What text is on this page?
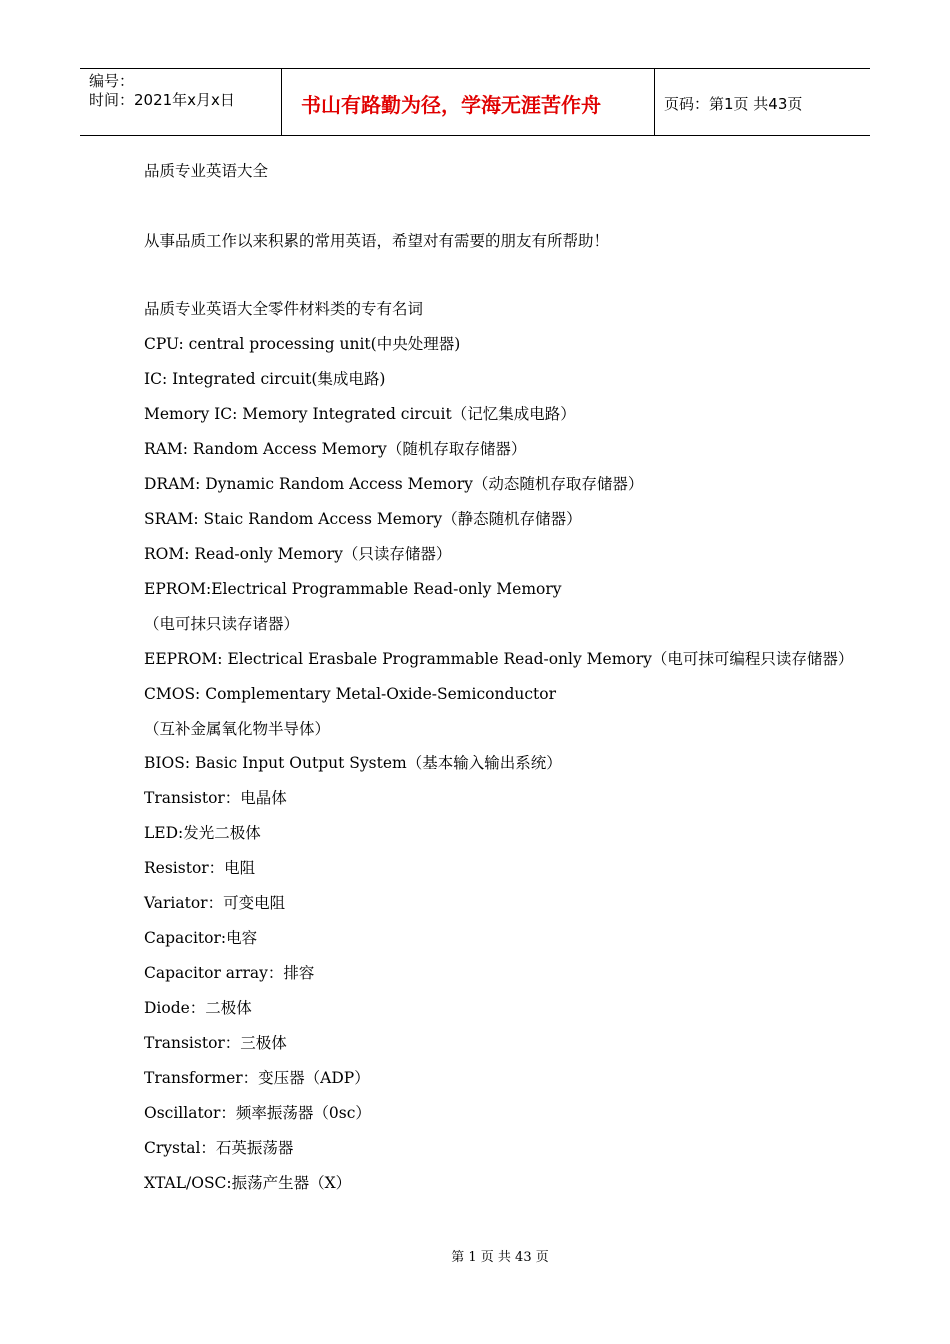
编号：
时间：2021年x月x日	书山有路勤为径，学海无涯苦作舟	页码：第1页 共43页
品质专业英语大全
从事品质工作以来积累的常用英语，希望对有需要的朋友有所帮助！
品质专业英语大全零件材料类的专有名词
CPU: central processing unit(中央处理器)
IC: Integrated circuit(集成电路)
Memory IC: Memory Integrated circuit（记忆集成电路）
RAM: Random Access Memory（随机存取存储器）
DRAM: Dynamic Random Access Memory（动态随机存取存储器）
SRAM: Staic Random Access Memory（静态随机存储器）
ROM: Read-only Memory（只读存储器）
EPROM:Electrical Programmable Read-only Memory
（电可抹只读存诸器）
EEPROM: Electrical Erasbale Programmable Read-only Memory（电可抹可编程只读存储器）
CMOS: Complementary Metal-Oxide-Semiconductor
（互补金属氧化物半导体）
BIOS: Basic Input Output System（基本输入输出系统）
Transistor：电晶体
LED:发光二极体
Resistor：电阻
Variator：可变电阻
Capacitor:电容
Capacitor array：排容
Diode：二极体
Transistor：三极体
Transformer：变压器（ADP）
Oscillator：频率振荡器（0sc）
Crystal：石英振荡器
XTAL/OSC:振荡产生器（X）
第 1 页 共 43 页
